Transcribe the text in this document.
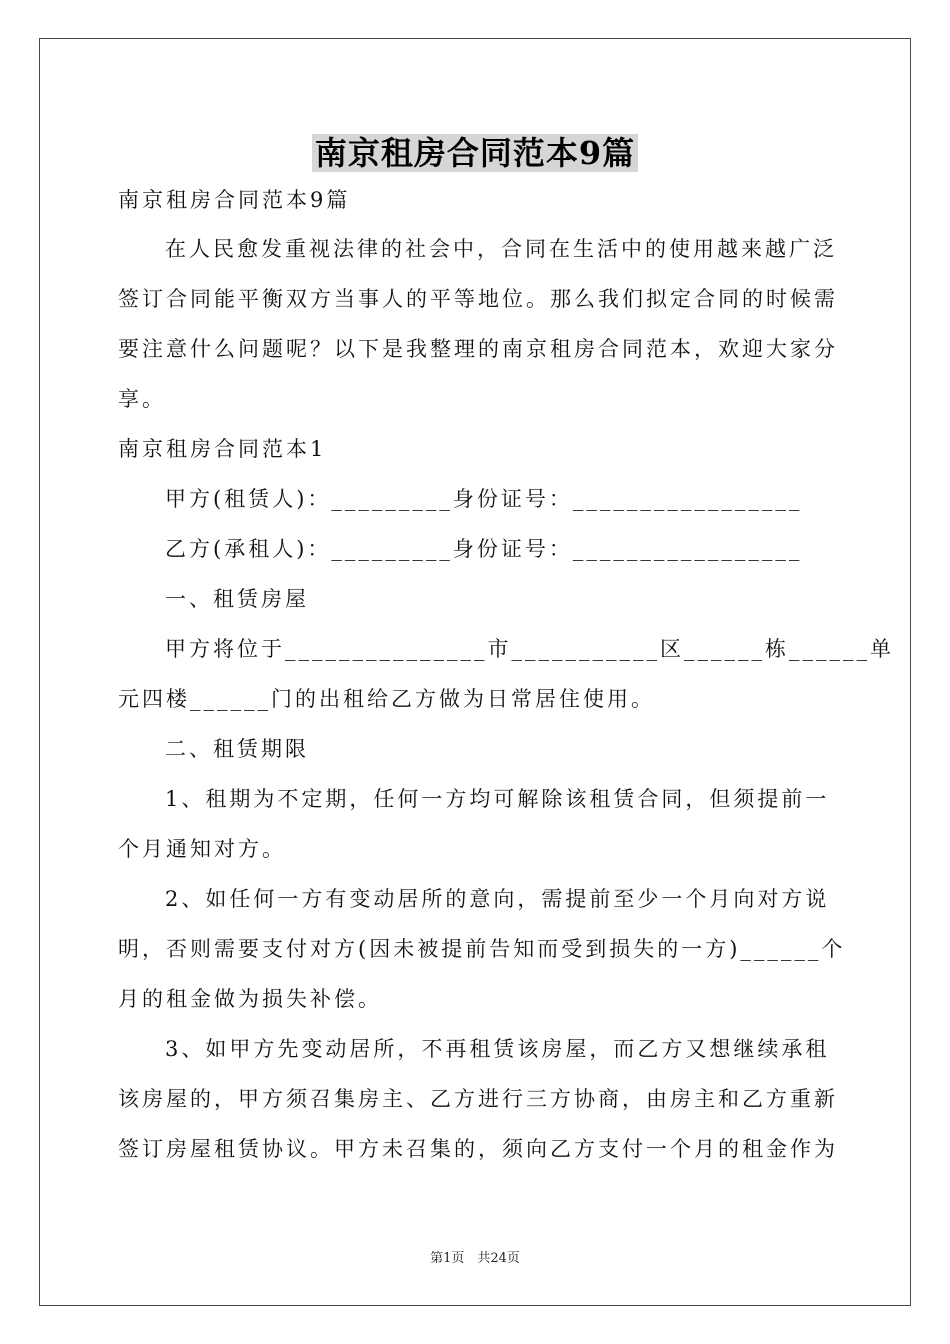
南京租房合同范本9篇
南京租房合同范本9篇
在人民愈发重视法律的社会中，合同在生活中的使用越来越广泛
签订合同能平衡双方当事人的平等地位。那么我们拟定合同的时候需
要注意什么问题呢？以下是我整理的南京租房合同范本，欢迎大家分
享。
南京租房合同范本1
甲方(租赁人)：_________身份证号：_________________
乙方(承租人)：_________身份证号：_________________
一、租赁房屋
甲方将位于_______________市___________区______栋______单
元四楼______门的出租给乙方做为日常居住使用。
二、租赁期限
1、租期为不定期，任何一方均可解除该租赁合同，但须提前一
个月通知对方。
2、如任何一方有变动居所的意向，需提前至少一个月向对方说
明，否则需要支付对方(因未被提前告知而受到损失的一方)______个
月的租金做为损失补偿。
3、如甲方先变动居所，不再租赁该房屋，而乙方又想继续承租
该房屋的，甲方须召集房主、乙方进行三方协商，由房主和乙方重新
签订房屋租赁协议。甲方未召集的，须向乙方支付一个月的租金作为
第1页　共24页
